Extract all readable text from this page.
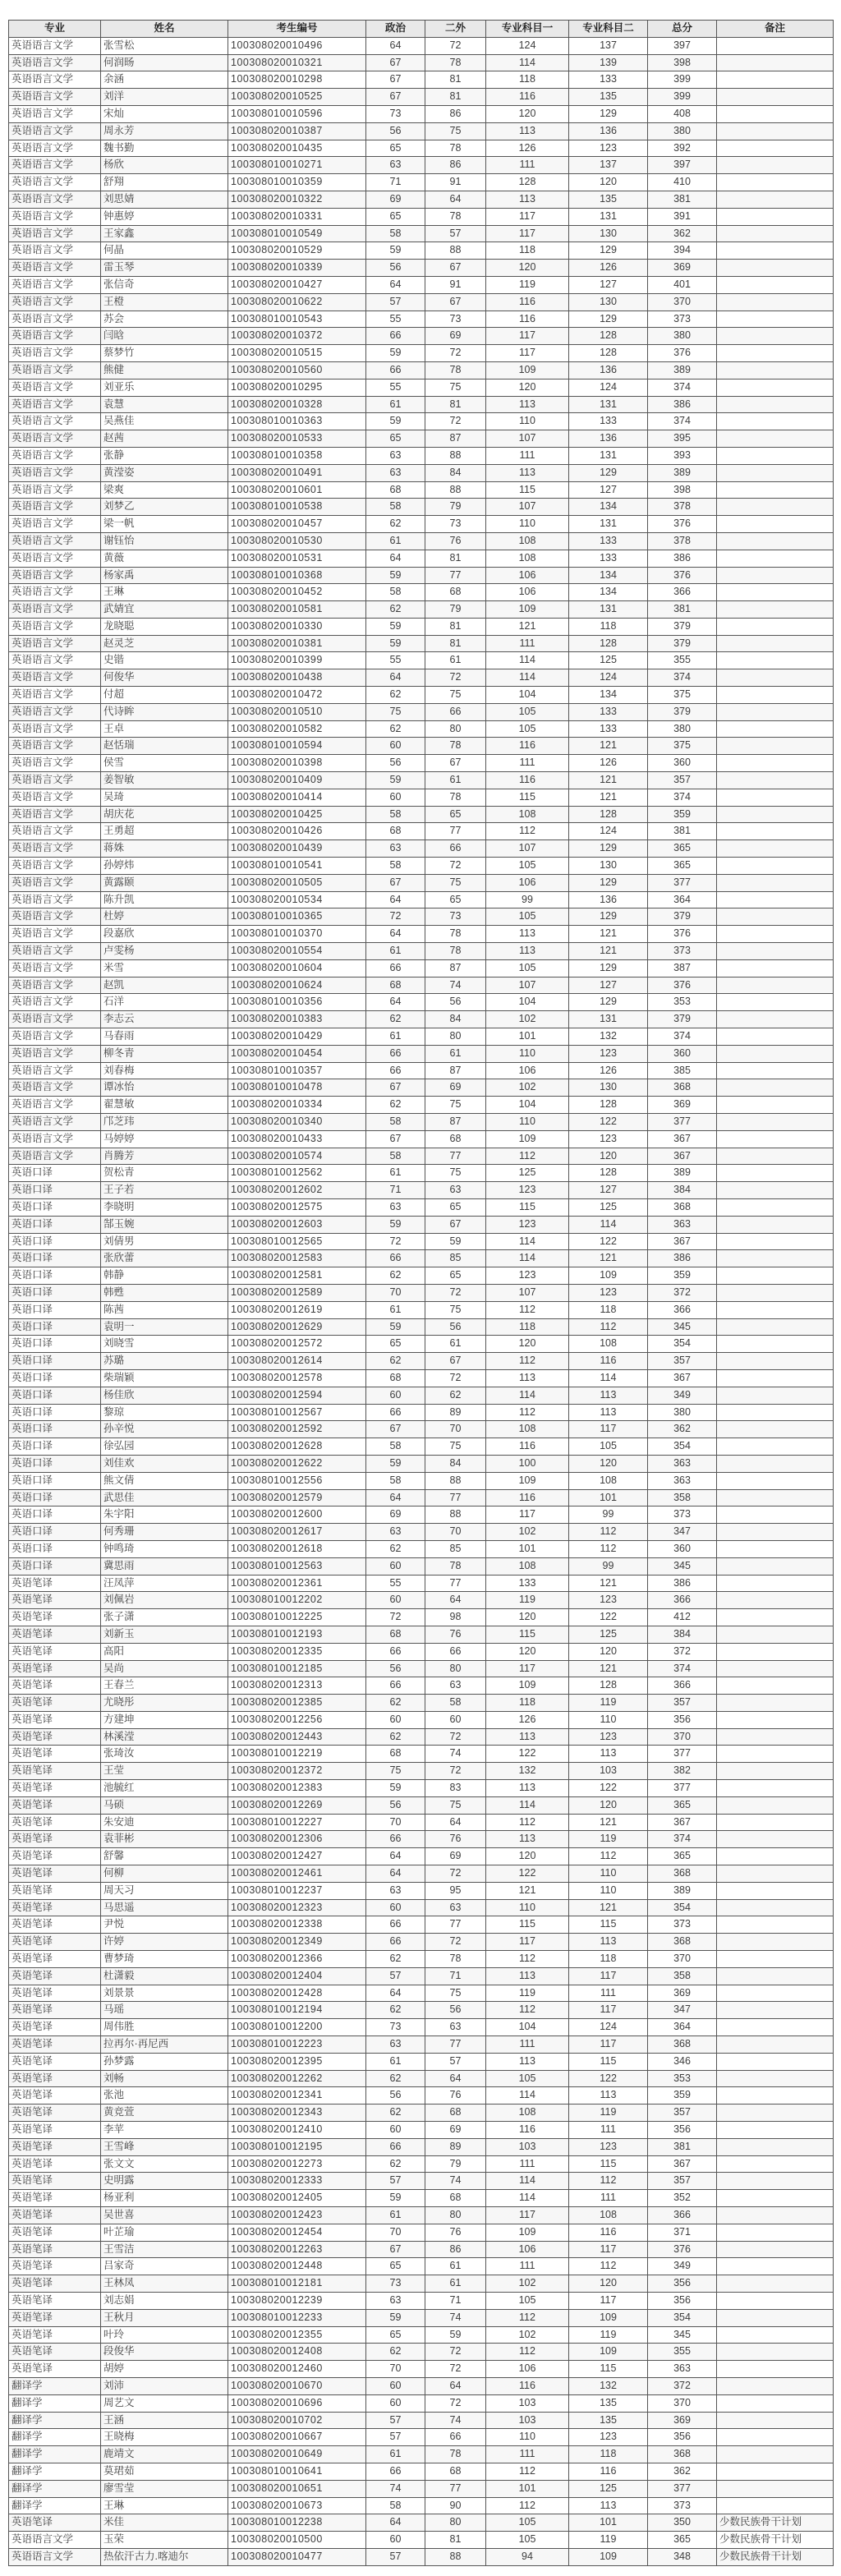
专业	姓名	考生编号	政治	二外	专业科目一	专业科目二	总分	备注
英语语言文学	张雪松	100308020010496	64	72	124	137	397	
英语语言文学	何润旸	100308020010321	67	78	114	139	398	
英语语言文学	余涵	100308020010298	67	81	118	133	399	
英语语言文学	刘洋	100308020010525	67	81	116	135	399	
英语语言文学	宋灿	100308010010596	73	86	120	129	408	
英语语言文学	周永芳	100308020010387	56	75	113	136	380	
英语语言文学	魏书勤	100308020010435	65	78	126	123	392	
英语语言文学	杨欣	100308010010271	63	86	111	137	397	
英语语言文学	舒翔	100308010010359	71	91	128	120	410	
英语语言文学	刘思婧	100308020010322	69	64	113	135	381	
英语语言文学	钟惠婷	100308020010331	65	78	117	131	391	
英语语言文学	王家鑫	100308010010549	58	57	117	130	362	
英语语言文学	何晶	100308020010529	59	88	118	129	394	
英语语言文学	雷玉琴	100308020010339	56	67	120	126	369	
英语语言文学	张信奇	100308020010427	64	91	119	127	401	
英语语言文学	王橙	100308020010622	57	67	116	130	370	
英语语言文学	苏会	100308010010543	55	73	116	129	373	
英语语言文学	闫晗	100308020010372	66	69	117	128	380	
英语语言文学	蔡梦竹	100308020010515	59	72	117	128	376	
英语语言文学	熊健	100308020010560	66	78	109	136	389	
英语语言文学	刘亚乐	100308020010295	55	75	120	124	374	
英语语言文学	袁慧	100308020010328	61	81	113	131	386	
英语语言文学	吴燕佳	100308010010363	59	72	110	133	374	
英语语言文学	赵茜	100308020010533	65	87	107	136	395	
英语语言文学	张静	100308010010358	63	88	111	131	393	
英语语言文学	黄滢姿	100308020010491	63	84	113	129	389	
英语语言文学	梁爽	100308020010601	68	88	115	127	398	
英语语言文学	刘梦乙	100308010010538	58	79	107	134	378	
英语语言文学	梁一帆	100308020010457	62	73	110	131	376	
英语语言文学	谢钰怡	100308020010530	61	76	108	133	378	
英语语言文学	黄薇	100308020010531	64	81	108	133	386	
英语语言文学	杨家禹	100308010010368	59	77	106	134	376	
英语语言文学	王琳	100308020010452	58	68	106	134	366	
英语语言文学	武婧宜	100308020010581	62	79	109	131	381	
英语语言文学	龙晓聪	100308020010330	59	81	121	118	379	
英语语言文学	赵灵芝	100308020010381	59	81	111	128	379	
英语语言文学	史锴	100308020010399	55	61	114	125	355	
英语语言文学	何俊华	100308020010438	64	72	114	124	374	
英语语言文学	付超	100308020010472	62	75	104	134	375	
英语语言文学	代诗眸	100308020010510	75	66	105	133	379	
英语语言文学	王卓	100308020010582	62	80	105	133	380	
英语语言文学	赵恬瑞	100308010010594	60	78	116	121	375	
英语语言文学	侯雪	100308020010398	56	67	111	126	360	
英语语言文学	姜智敏	100308020010409	59	61	116	121	357	
英语语言文学	吴琦	100308020010414	60	78	115	121	374	
英语语言文学	胡庆花	100308020010425	58	65	108	128	359	
英语语言文学	王勇超	100308020010426	68	77	112	124	381	
英语语言文学	蒋姝	100308020010439	63	66	107	129	365	
英语语言文学	孙婷炜	100308010010541	58	72	105	130	365	
英语语言文学	黄露颐	100308020010505	67	75	106	129	377	
英语语言文学	陈升凯	100308020010534	64	65	99	136	364	
英语语言文学	杜婷	100308010010365	72	73	105	129	379	
英语语言文学	段嘉欣	100308010010370	64	78	113	121	376	
英语语言文学	卢雯杨	100308020010554	61	78	113	121	373	
英语语言文学	米雪	100308020010604	66	87	105	129	387	
英语语言文学	赵凯	100308020010624	68	74	107	127	376	
英语语言文学	石洋	100308010010356	64	56	104	129	353	
英语语言文学	李志云	100308020010383	62	84	102	131	379	
英语语言文学	马春雨	100308020010429	61	80	101	132	374	
英语语言文学	柳冬青	100308020010454	66	61	110	123	360	
英语语言文学	刘春梅	100308010010357	66	87	106	126	385	
英语语言文学	谭冰怡	100308010010478	67	69	102	130	368	
英语语言文学	翟慧敏	100308020010334	62	75	104	128	369	
英语语言文学	邝芝玮	100308020010340	58	87	110	122	377	
英语语言文学	马婷婷	100308020010433	67	68	109	123	367	
英语语言文学	肖腾芳	100308020010574	58	77	112	120	367	
英语口译	贺松青	100308010012562	61	75	125	128	389	
英语口译	王子若	100308020012602	71	63	123	127	384	
英语口译	李晓明	100308020012575	63	65	115	125	368	
英语口译	郜玉婉	100308020012603	59	67	123	114	363	
英语口译	刘倩男	100308010012565	72	59	114	122	367	
英语口译	张欣蕾	100308020012583	66	85	114	121	386	
英语口译	韩静	100308020012581	62	65	123	109	359	
英语口译	韩甦	100308020012589	70	72	107	123	372	
英语口译	陈茜	100308020012619	61	75	112	118	366	
英语口译	袁明一	100308020012629	59	56	118	112	345	
英语口译	刘晓雪	100308020012572	65	61	120	108	354	
英语口译	苏璐	100308020012614	62	67	112	116	357	
英语口译	柴瑞颖	100308020012578	68	72	113	114	367	
英语口译	杨佳欣	100308020012594	60	62	114	113	349	
英语口译	黎琼	100308010012567	66	89	112	113	380	
英语口译	孙辛悦	100308020012592	67	70	108	117	362	
英语口译	徐弘园	100308020012628	58	75	116	105	354	
英语口译	刘佳欢	100308020012622	59	84	100	120	363	
英语口译	熊文倩	100308010012556	58	88	109	108	363	
英语口译	武思佳	100308020012579	64	77	116	101	358	
英语口译	朱宇阳	100308020012600	69	88	117	99	373	
英语口译	何秀珊	100308020012617	63	70	102	112	347	
英语口译	钟鸣琦	100308020012618	62	85	101	112	360	
英语口译	冀思雨	100308010012563	60	78	108	99	345	
英语笔译	汪凤萍	100308020012361	55	77	133	121	386	
英语笔译	刘佩岩	100308010012202	60	64	119	123	366	
英语笔译	张子潇	100308010012225	72	98	120	122	412	
英语笔译	刘新玉	100308010012193	68	76	115	125	384	
英语笔译	高阳	100308020012335	66	66	120	120	372	
英语笔译	吴尚	100308010012185	56	80	117	121	374	
英语笔译	王春兰	100308020012313	66	63	109	128	366	
英语笔译	尤晓彤	100308020012385	62	58	118	119	357	
英语笔译	方建坤	100308020012256	60	60	126	110	356	
英语笔译	林溪滢	100308020012443	62	72	113	123	370	
英语笔译	张琦汝	100308010012219	68	74	122	113	377	
英语笔译	王莹	100308020012372	75	72	132	103	382	
英语笔译	池毓红	100308020012383	59	83	113	122	377	
英语笔译	马硕	100308020012269	56	75	114	120	365	
英语笔译	朱安迪	100308010012227	70	64	112	121	367	
英语笔译	袁菲彬	100308020012306	66	76	113	119	374	
英语笔译	舒馨	100308020012427	64	69	120	112	365	
英语笔译	何柳	100308020012461	64	72	122	110	368	
英语笔译	周天习	100308010012237	63	95	121	110	389	
英语笔译	马思遥	100308020012323	60	63	110	121	354	
英语笔译	尹悦	100308020012338	66	77	115	115	373	
英语笔译	许婷	100308020012349	66	72	117	113	368	
英语笔译	曹梦琦	100308020012366	62	78	112	118	370	
英语笔译	杜潇毅	100308020012404	57	71	113	117	358	
英语笔译	刘景景	100308020012428	64	75	119	111	369	
英语笔译	马瑶	100308010012194	62	56	112	117	347	
英语笔译	周伟胜	100308010012200	73	63	104	124	364	
英语笔译	拉再尔·再尼西	100308010012223	63	77	111	117	368	
英语笔译	孙梦露	100308020012395	61	57	113	115	346	
英语笔译	刘畅	100308020012262	62	64	105	122	353	
英语笔译	张池	100308020012341	56	76	114	113	359	
英语笔译	黄竞萱	100308020012343	62	68	108	119	357	
英语笔译	李苹	100308020012410	60	69	116	111	356	
英语笔译	王雪峰	100308010012195	66	89	103	123	381	
英语笔译	张文文	100308020012273	62	79	111	115	367	
英语笔译	史明露	100308020012333	57	74	114	112	357	
英语笔译	杨亚利	100308020012405	59	68	114	111	352	
英语笔译	吴世喜	100308020012423	61	80	117	108	366	
英语笔译	叶芷瑜	100308020012454	70	76	109	116	371	
英语笔译	王雪洁	100308020012263	67	86	106	117	376	
英语笔译	吕家奇	100308020012448	65	61	111	112	349	
英语笔译	王林凤	100308010012181	73	61	102	120	356	
英语笔译	刘志娟	100308020012239	63	71	105	117	356	
英语笔译	王秋月	100308010012233	59	74	112	109	354	
英语笔译	叶玲	100308020012355	65	59	102	119	345	
英语笔译	段俊华	100308020012408	62	72	112	109	355	
英语笔译	胡婷	100308020012460	70	72	106	115	363	
翻译学	刘沛	100308020010670	60	64	116	132	372	
翻译学	周艺文	100308020010696	60	72	103	135	370	
翻译学	王涵	100308020010702	57	74	103	135	369	
翻译学	王晓梅	100308020010667	57	66	110	123	356	
翻译学	鹿靖文	100308020010649	61	78	111	118	368	
翻译学	莫珺茹	100308010010641	66	68	112	116	362	
翻译学	廖雪莹	100308020010651	74	77	101	125	377	
翻译学	王琳	100308020010673	58	90	112	113	373	
英语笔译	米佳	100308010012238	64	80	105	101	350	少数民族骨干计划
英语语言文学	玉荣	100308020010500	60	81	105	119	365	少数民族骨干计划
英语语言文学	热依汗古力.喀迪尔	100308020010477	57	88	94	109	348	少数民族骨干计划
